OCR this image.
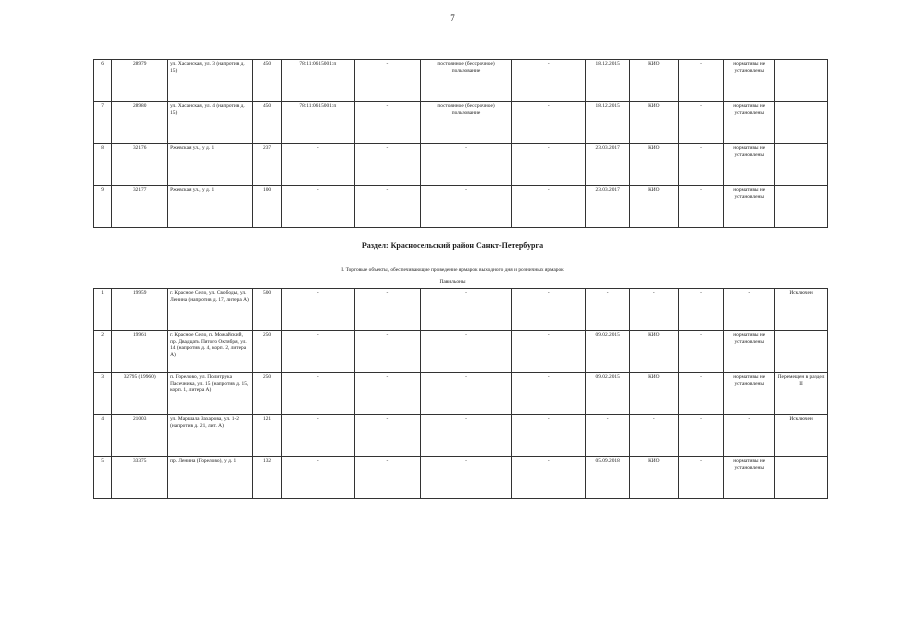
7
6	28979	ул. Хасанская, ул. 3 (напротив д. 15)	450	78:11:0615001:п	-	постоянное (бессрочное) пользование	-	18.12.2015	КИО	-	нормативы не установлены	
7	28980	ул. Хасанская, ул. 4 (напротив д. 15)	450	78:11:0615001:п	-	постоянное (бессрочное) пользование	-	18.12.2015	КИО	-	нормативы не установлены	
8	32176	Ржевская ул., у д. 1	237	-	-	-	-	23.03.2017	КИО	-	нормативы не установлены	
9	32177	Ржевская ул., у д. 1	100	-	-	-	-	23.03.2017	КИО	-	нормативы не установлены	
Раздел: Красносельский район Санкт-Петербурга
I. Торговые объекты, обеспечивающие проведение ярмарок выходного дня и розничных ярмарок
Павильоны
1	19959	г. Красное Село, ул. Свободы, ул. Ленина (напротив д. 17, литера А)	500	-	-	-	-	-	-	-	-	Исключен
2	19961	г. Красное Село, п. Можайский, пр. Двадцать Пятого Октября, ул. 14 (напротив д. 4, корп. 2, литера А)	250	-	-	-	-	09.02.2015	КИО	-	нормативы не установлены	
3	32795 (19960)	п. Горелово, ул. Политрука Пасечника, ул. 15 (напротив д. 15, корп. 1, литера А)	250	-	-	-	-	09.02.2015	КИО	-	нормативы не установлены	Перемещен в раздел II
4	21003	ул. Маршала Захарова, ул. 1-2 (напротив д. 21, лит. А)	121	-	-	-	-	-	-	-	-	Исключен
5	33375	пр. Ленина (Горелово), у д. 1	132	-	-	-	-	05.09.2018	КИО	-	нормативы не установлены	
